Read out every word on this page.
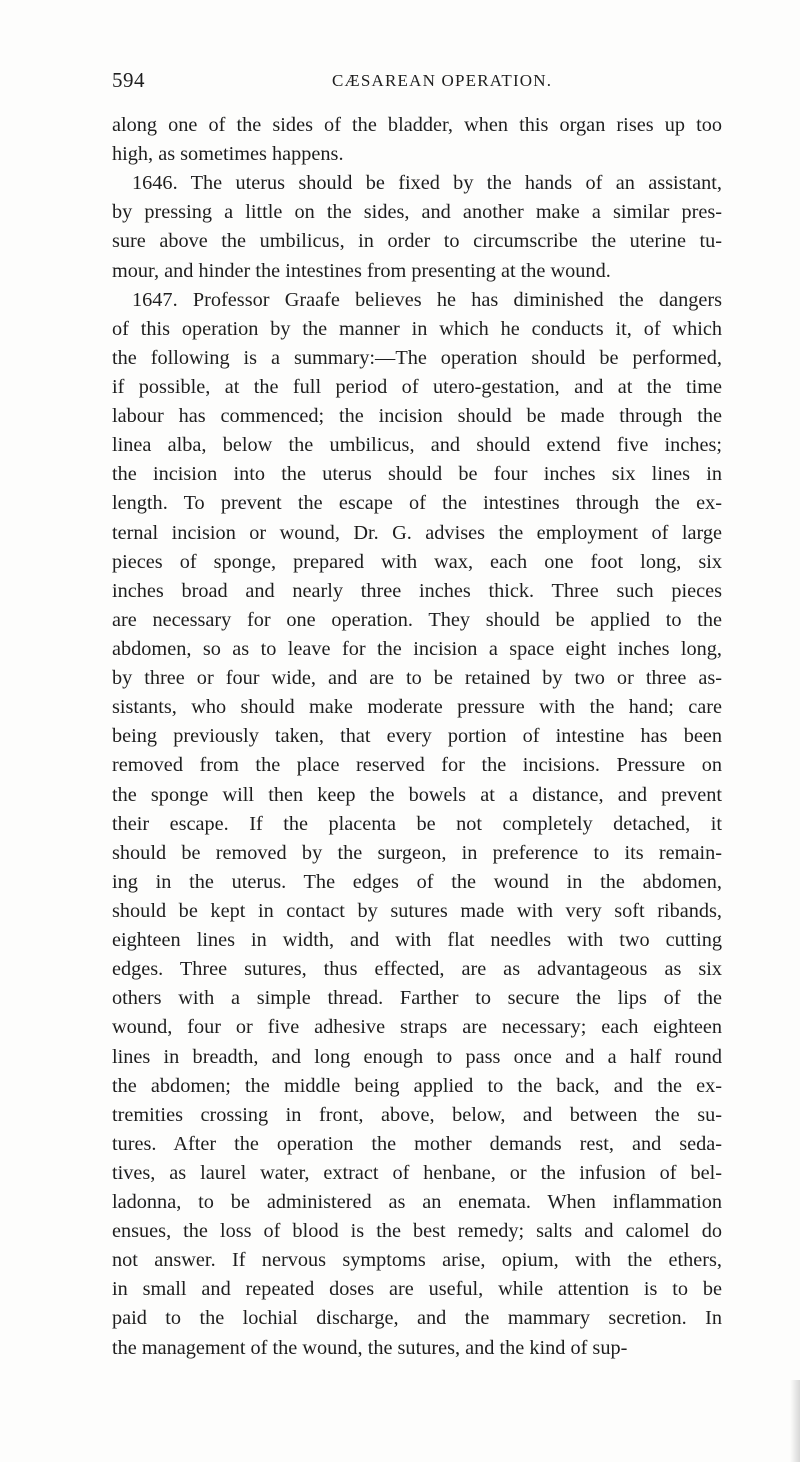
594	CÆSAREAN OPERATION.
along one of the sides of the bladder, when this organ rises up too
high, as sometimes happens.
1646. The uterus should be fixed by the hands of an assistant,
by pressing a little on the sides, and another make a similar pres-
sure above the umbilicus, in order to circumscribe the uterine tu-
mour, and hinder the intestines from presenting at the wound.
1647. Professor Graafe believes he has diminished the dangers
of this operation by the manner in which he conducts it, of which
the following is a summary:—The operation should be performed,
if possible, at the full period of utero-gestation, and at the time
labour has commenced; the incision should be made through the
linea alba, below the umbilicus, and should extend five inches;
the incision into the uterus should be four inches six lines in
length. To prevent the escape of the intestines through the ex-
ternal incision or wound, Dr. G. advises the employment of large
pieces of sponge, prepared with wax, each one foot long, six
inches broad and nearly three inches thick. Three such pieces
are necessary for one operation. They should be applied to the
abdomen, so as to leave for the incision a space eight inches long,
by three or four wide, and are to be retained by two or three as-
sistants, who should make moderate pressure with the hand; care
being previously taken, that every portion of intestine has been
removed from the place reserved for the incisions. Pressure on
the sponge will then keep the bowels at a distance, and prevent
their escape. If the placenta be not completely detached, it
should be removed by the surgeon, in preference to its remain-
ing in the uterus. The edges of the wound in the abdomen,
should be kept in contact by sutures made with very soft ribands,
eighteen lines in width, and with flat needles with two cutting
edges. Three sutures, thus effected, are as advantageous as six
others with a simple thread. Farther to secure the lips of the
wound, four or five adhesive straps are necessary; each eighteen
lines in breadth, and long enough to pass once and a half round
the abdomen; the middle being applied to the back, and the ex-
tremities crossing in front, above, below, and between the su-
tures. After the operation the mother demands rest, and seda-
tives, as laurel water, extract of henbane, or the infusion of bel-
ladonna, to be administered as an enemata. When inflammation
ensues, the loss of blood is the best remedy; salts and calomel do
not answer. If nervous symptoms arise, opium, with the ethers,
in small and repeated doses are useful, while attention is to be
paid to the lochial discharge, and the mammary secretion. In
the management of the wound, the sutures, and the kind of sup-
